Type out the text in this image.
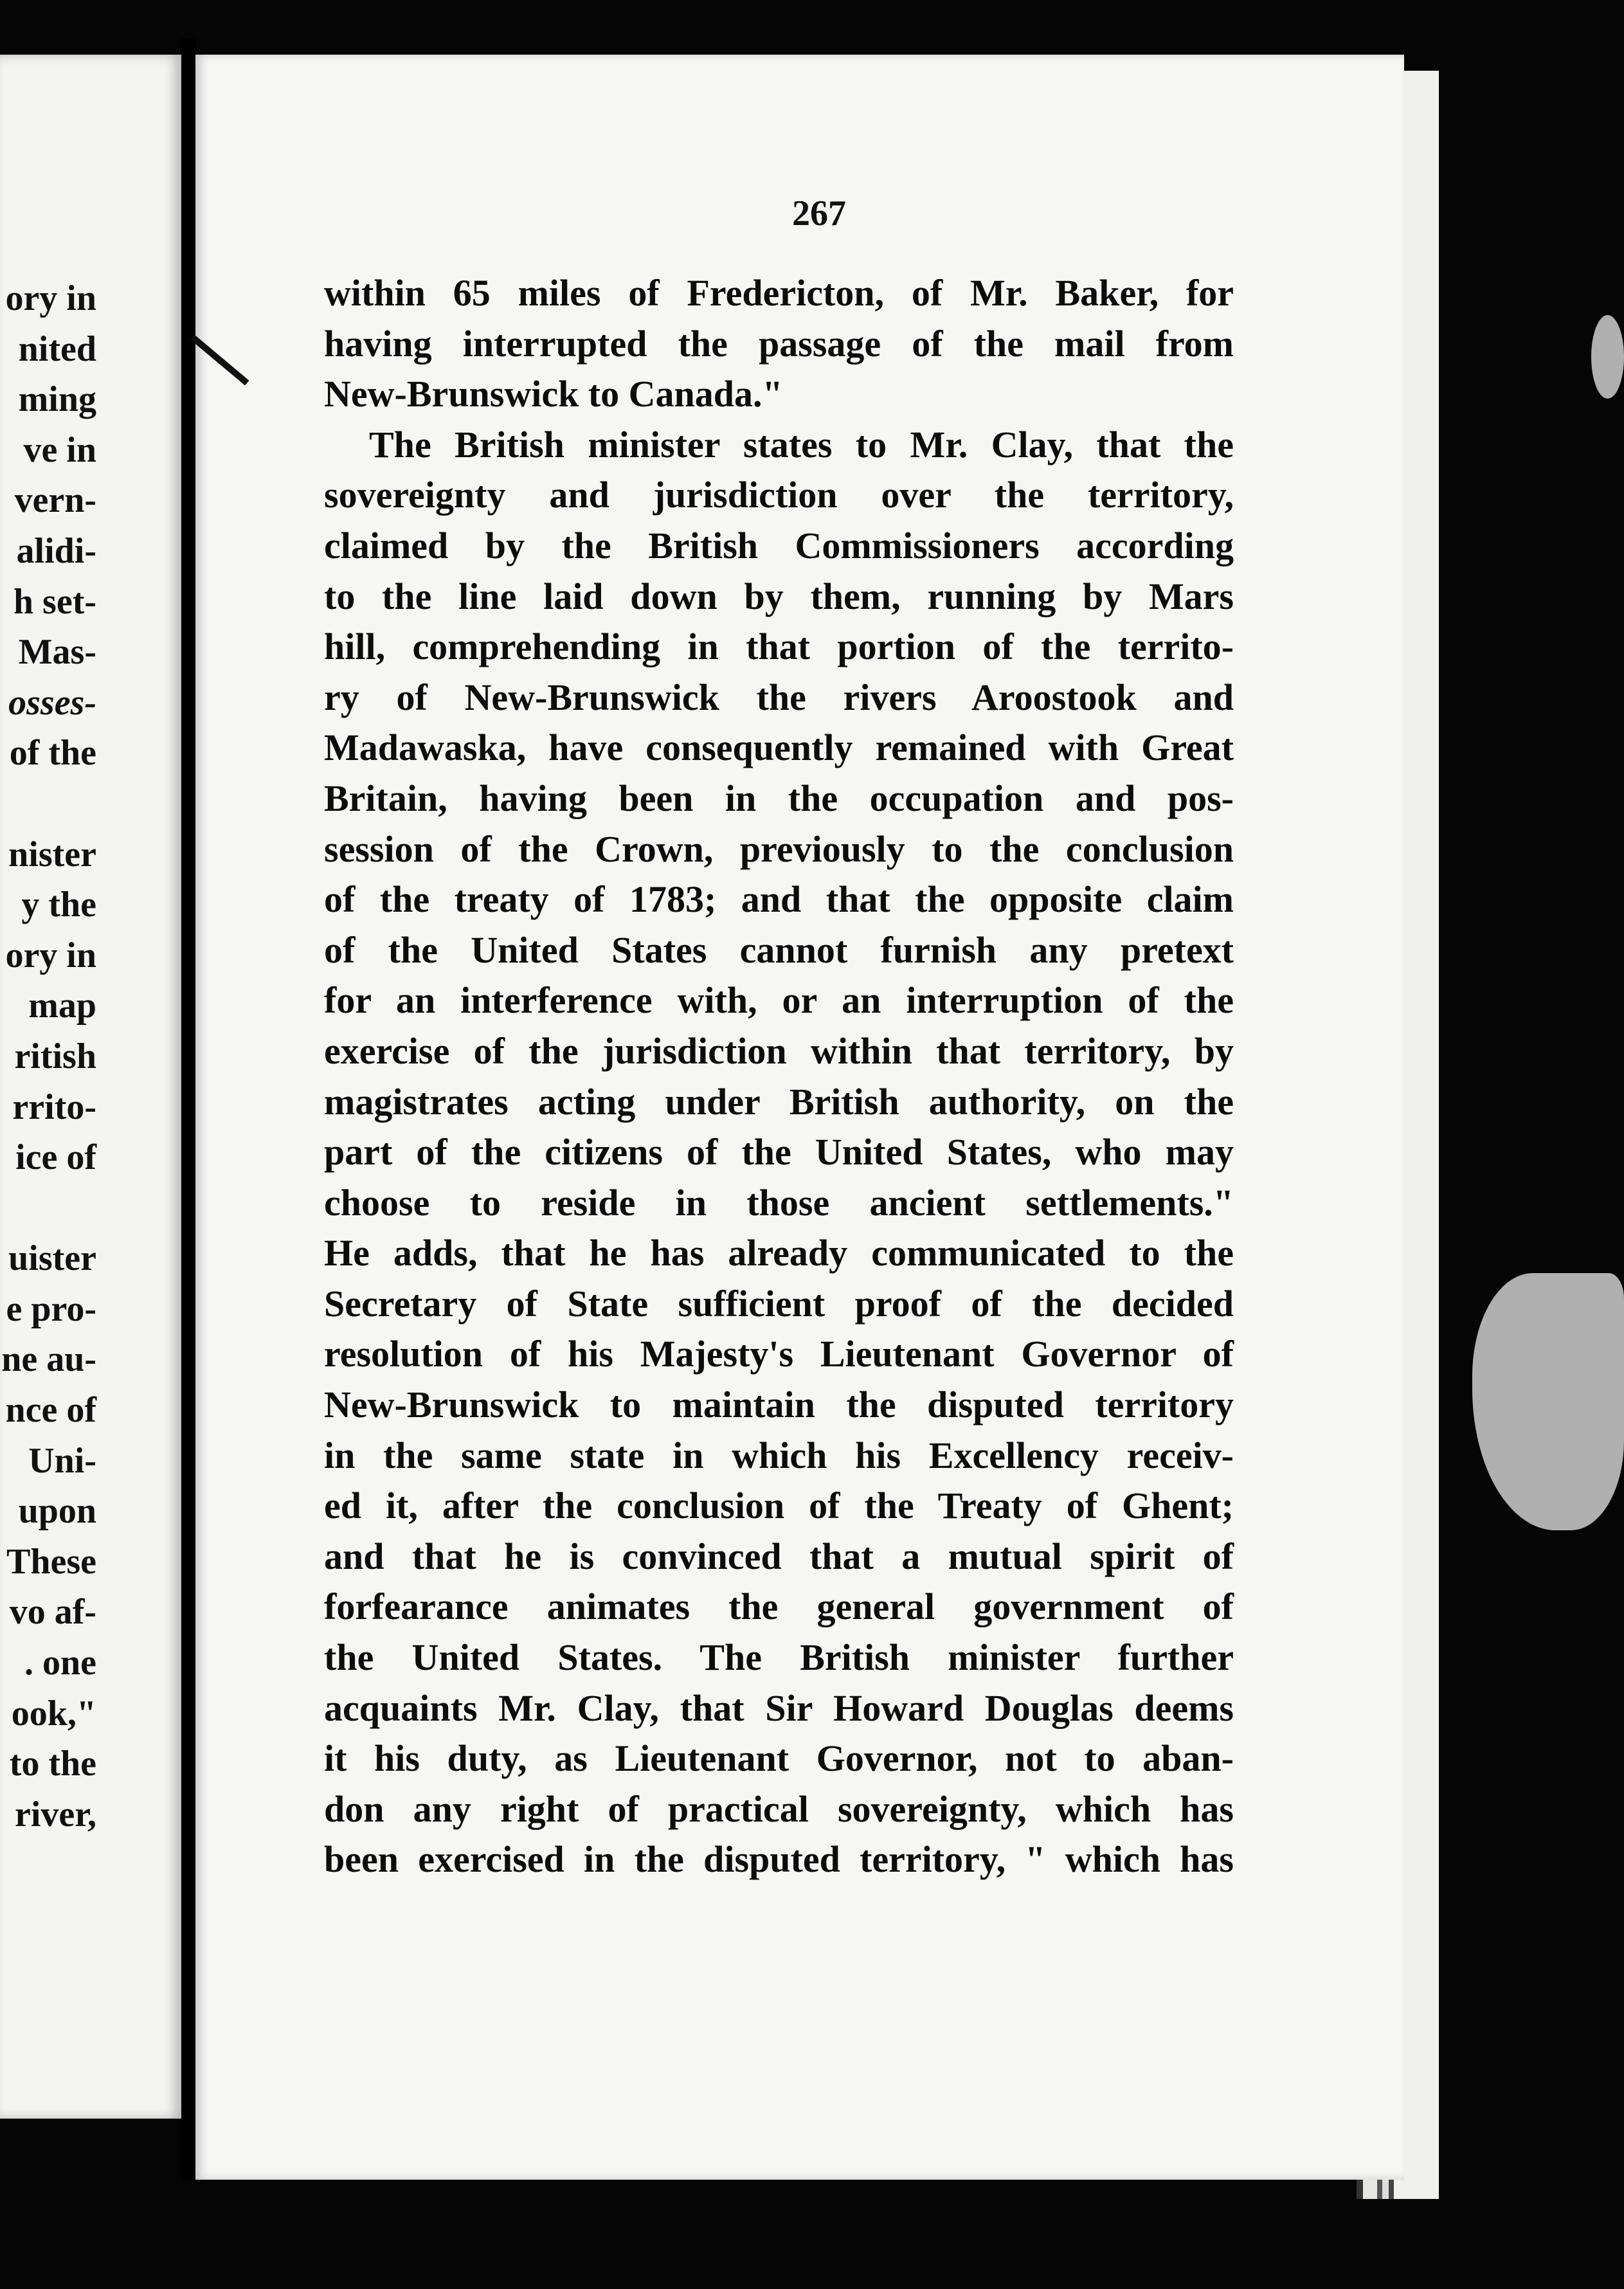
ory in
nited
ming
ve in
vern-
alidi-
h set-
Mas-
osses-
of the
nister
y the
ory in
map
ritish
rrito-
ice of
uister
e pro-
ne au-
nce of
Uni-
upon
These
vo af-
. one
ook,"
to the
river,
267
within 65 miles of Fredericton, of Mr. Baker, for
having interrupted the passage of the mail from
New-Brunswick to Canada."
The British minister states to Mr. Clay, that the
sovereignty and jurisdiction over the territory,
claimed by the British Commissioners according
to the line laid down by them, running by Mars
hill, comprehending in that portion of the territo-
ry of New-Brunswick the rivers Aroostook and
Madawaska, have consequently remained with Great
Britain, having been in the occupation and pos-
session of the Crown, previously to the conclusion
of the treaty of 1783; and that the opposite claim
of the United States cannot furnish any pretext
for an interference with, or an interruption of the
exercise of the jurisdiction within that territory, by
magistrates acting under British authority, on the
part of the citizens of the United States, who may
choose to reside in those ancient settlements."
He adds, that he has already communicated to the
Secretary of State sufficient proof of the decided
resolution of his Majesty's Lieutenant Governor of
New-Brunswick to maintain the disputed territory
in the same state in which his Excellency receiv-
ed it, after the conclusion of the Treaty of Ghent;
and that he is convinced that a mutual spirit of
forfearance animates the general government of
the United States. The British minister further
acquaints Mr. Clay, that Sir Howard Douglas deems
it his duty, as Lieutenant Governor, not to aban-
don any right of practical sovereignty, which has
been exercised in the disputed territory, " which has
